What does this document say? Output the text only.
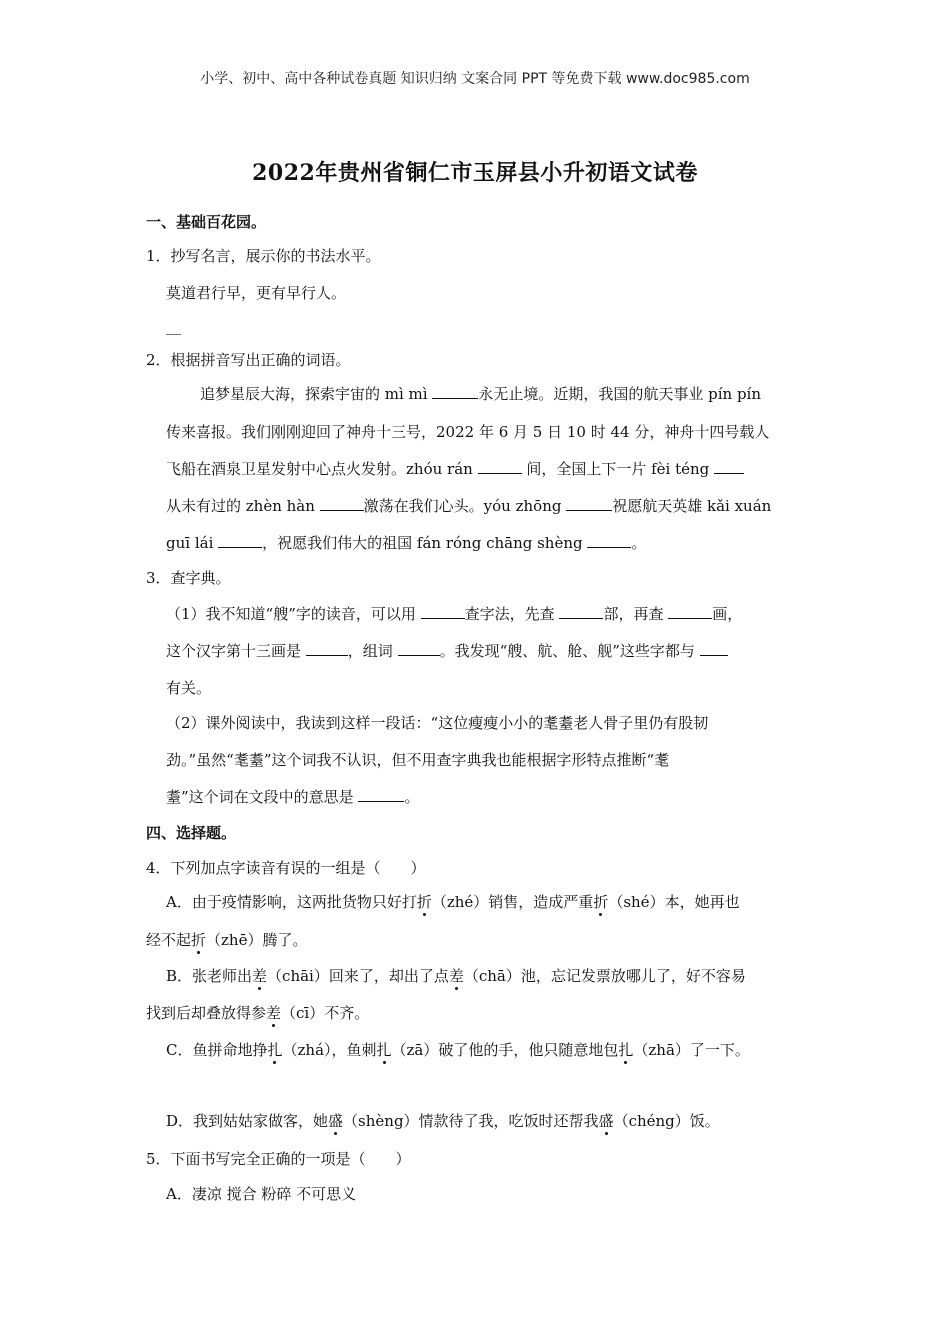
小学、初中、高中各种试卷真题 知识归纳 文案合同 PPT 等免费下载 www.doc985.com
2022年贵州省铜仁市玉屏县小升初语文试卷
一、基础百花园。
1．抄写名言，展示你的书法水平。
莫道君行早，更有早行人。
__
2．根据拼音写出正确的词语。
追梦星辰大海，探索宇宙的 mì mì	永无止境。近期，我国的航天事业 pín pín
传来喜报。我们刚刚迎回了神舟十三号，2022 年 6 月 5 日 10 时 44 分，神舟十四号载人
飞船在酒泉卫星发射中心点火发射。zhóu rán	间，全国上下一片 fèi téng
从未有过的 zhèn hàn	激荡在我们心头。yóu zhōng	祝愿航天英雄 kǎi xuán
guī lái	，祝愿我们伟大的祖国 fán róng chāng shèng	。
3．查字典。
（1）我不知道“艘”字的读音，可以用	查字法，先查	部，再查	画，
这个汉字第十三画是	，组词	。我发现“艘、航、舱、舰”这些字都与
有关。
（2）课外阅读中，我读到这样一段话：“这位瘦瘦小小的耄耋老人骨子里仍有股韧
劲。”虽然“耄耋”这个词我不认识，但不用查字典我也能根据字形特点推断“耄
耋”这个词在文段中的意思是	。
四、选择题。
4．下列加点字读音有误的一组是（　　）
A．由于疫情影响，这两批货物只好打折（zhé）销售，造成严重折（shé）本，她再也
经不起折（zhē）腾了。
B．张老师出差（chāi）回来了，却出了点差（chā）池，忘记发票放哪儿了，好不容易
找到后却叠放得参差（cī）不齐。
C．鱼拼命地挣扎（zhá），鱼刺扎（zā）破了他的手，他只随意地包扎（zhā）了一下。
D．我到姑姑家做客，她盛（shèng）情款待了我，吃饭时还帮我盛（chéng）饭。
5．下面书写完全正确的一项是（　　）
A．凄凉 搅合 粉碎 不可思义
